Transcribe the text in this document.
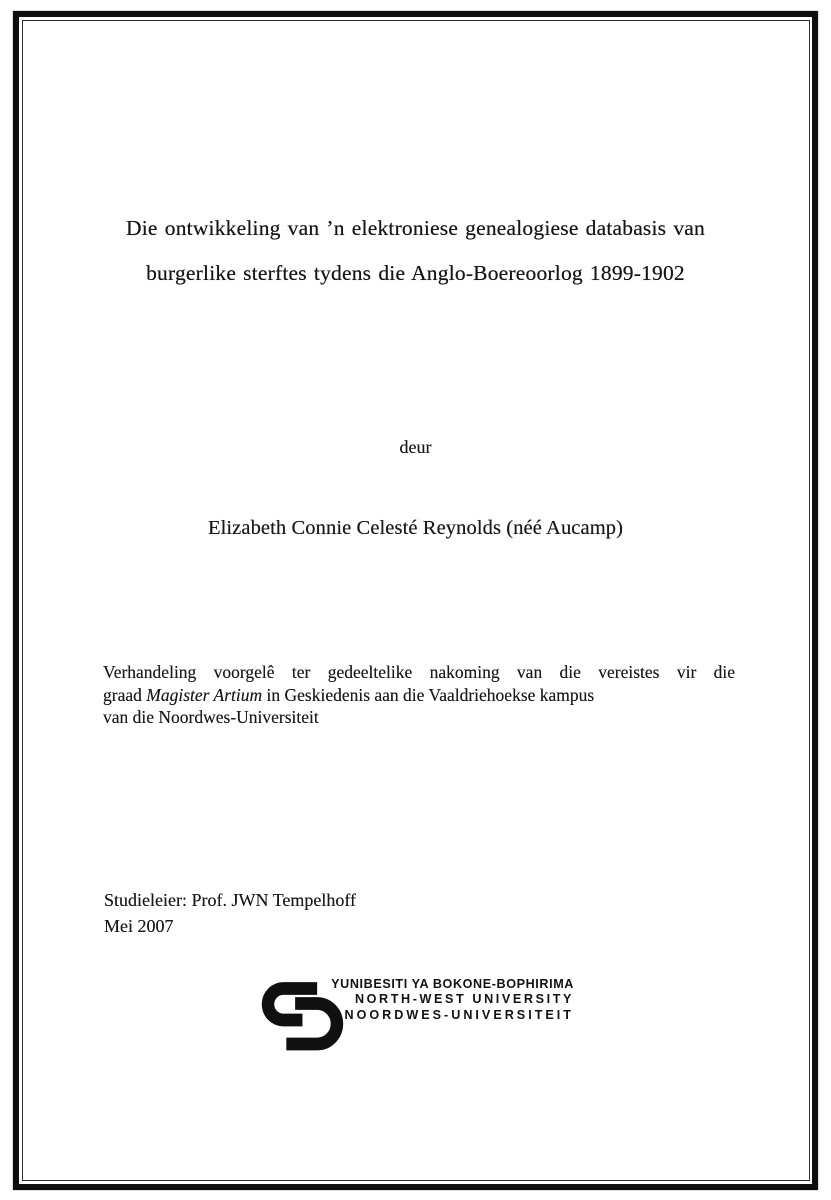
Die ontwikkeling van ’n elektroniese genealogiese databasis van
burgerlike sterftes tydens die Anglo-Boereoorlog 1899-1902

deur

Elizabeth Connie Celesté Reynolds (néé Aucamp)

Verhandeling voorgelê ter gedeeltelike nakoming van die vereistes vir die

graad Magister Artium in Geskiedenis aan die Vaaldriehoekse kampus

van die Noordwes-Universiteit

Studieleier: Prof. JWN Tempelhoff

Mei 2007

YUNIBESITI YA BOKONE-BOPHIRIMA
NORTH-WEST UNIVERSITY
NOORDWES-UNIVERSITEIT
